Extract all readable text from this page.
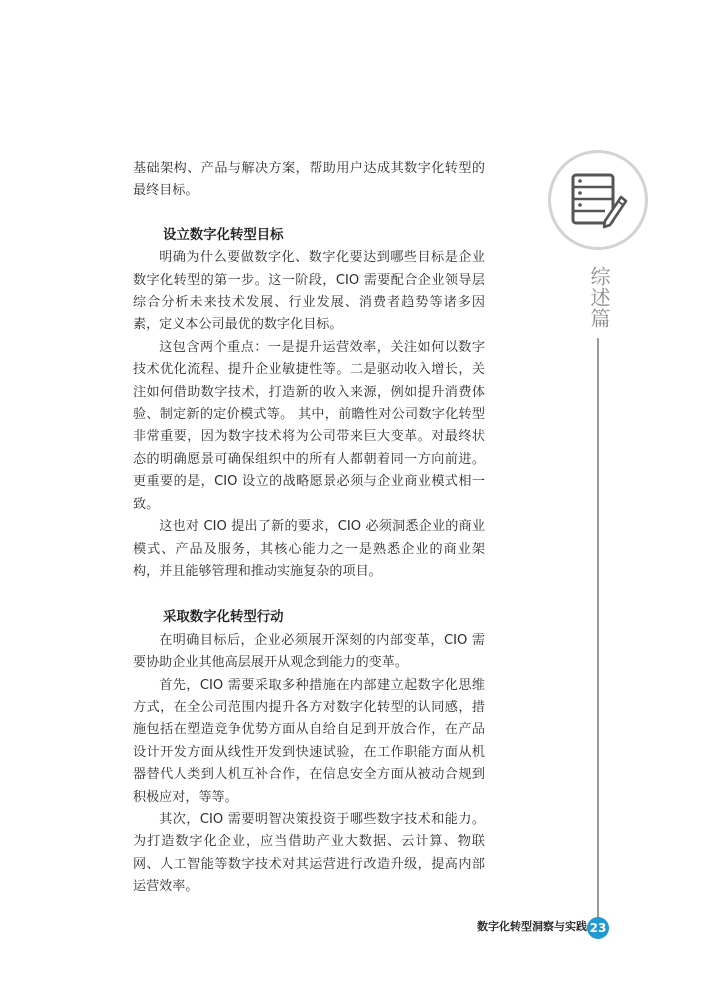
基础架构、产品与解决方案，帮助用户达成其数字化转型的最终目标。

设立数字化转型目标

明确为什么要做数字化、数字化要达到哪些目标是企业数字化转型的第一步。这一阶段，CIO 需要配合企业领导层综合分析未来技术发展、行业发展、消费者趋势等诸多因素，定义本公司最优的数字化目标。

这包含两个重点：一是提升运营效率，关注如何以数字技术优化流程、提升企业敏捷性等。二是驱动收入增长，关注如何借助数字技术，打造新的收入来源，例如提升消费体验、制定新的定价模式等。 其中，前瞻性对公司数字化转型非常重要，因为数字技术将为公司带来巨大变革。对最终状态的明确愿景可确保组织中的所有人都朝着同一方向前进。更重要的是，CIO 设立的战略愿景必须与企业商业模式相一致。

这也对 CIO 提出了新的要求，CIO 必须洞悉企业的商业模式、产品及服务，其核心能力之一是熟悉企业的商业架构，并且能够管理和推动实施复杂的项目。

采取数字化转型行动

在明确目标后，企业必须展开深刻的内部变革，CIO 需要协助企业其他高层展开从观念到能力的变革。

首先，CIO 需要采取多种措施在内部建立起数字化思维方式，在全公司范围内提升各方对数字化转型的认同感，措施包括在塑造竞争优势方面从自给自足到开放合作，在产品设计开发方面从线性开发到快速试验，在工作职能方面从机器替代人类到人机互补合作，在信息安全方面从被动合规到积极应对，等等。

其次，CIO 需要明智决策投资于哪些数字技术和能力。为打造数字化企业，应当借助产业大数据、云计算、物联网、人工智能等数字技术对其运营进行改造升级，提高内部运营效率。

综述篇
数字化转型洞察与实践 23
